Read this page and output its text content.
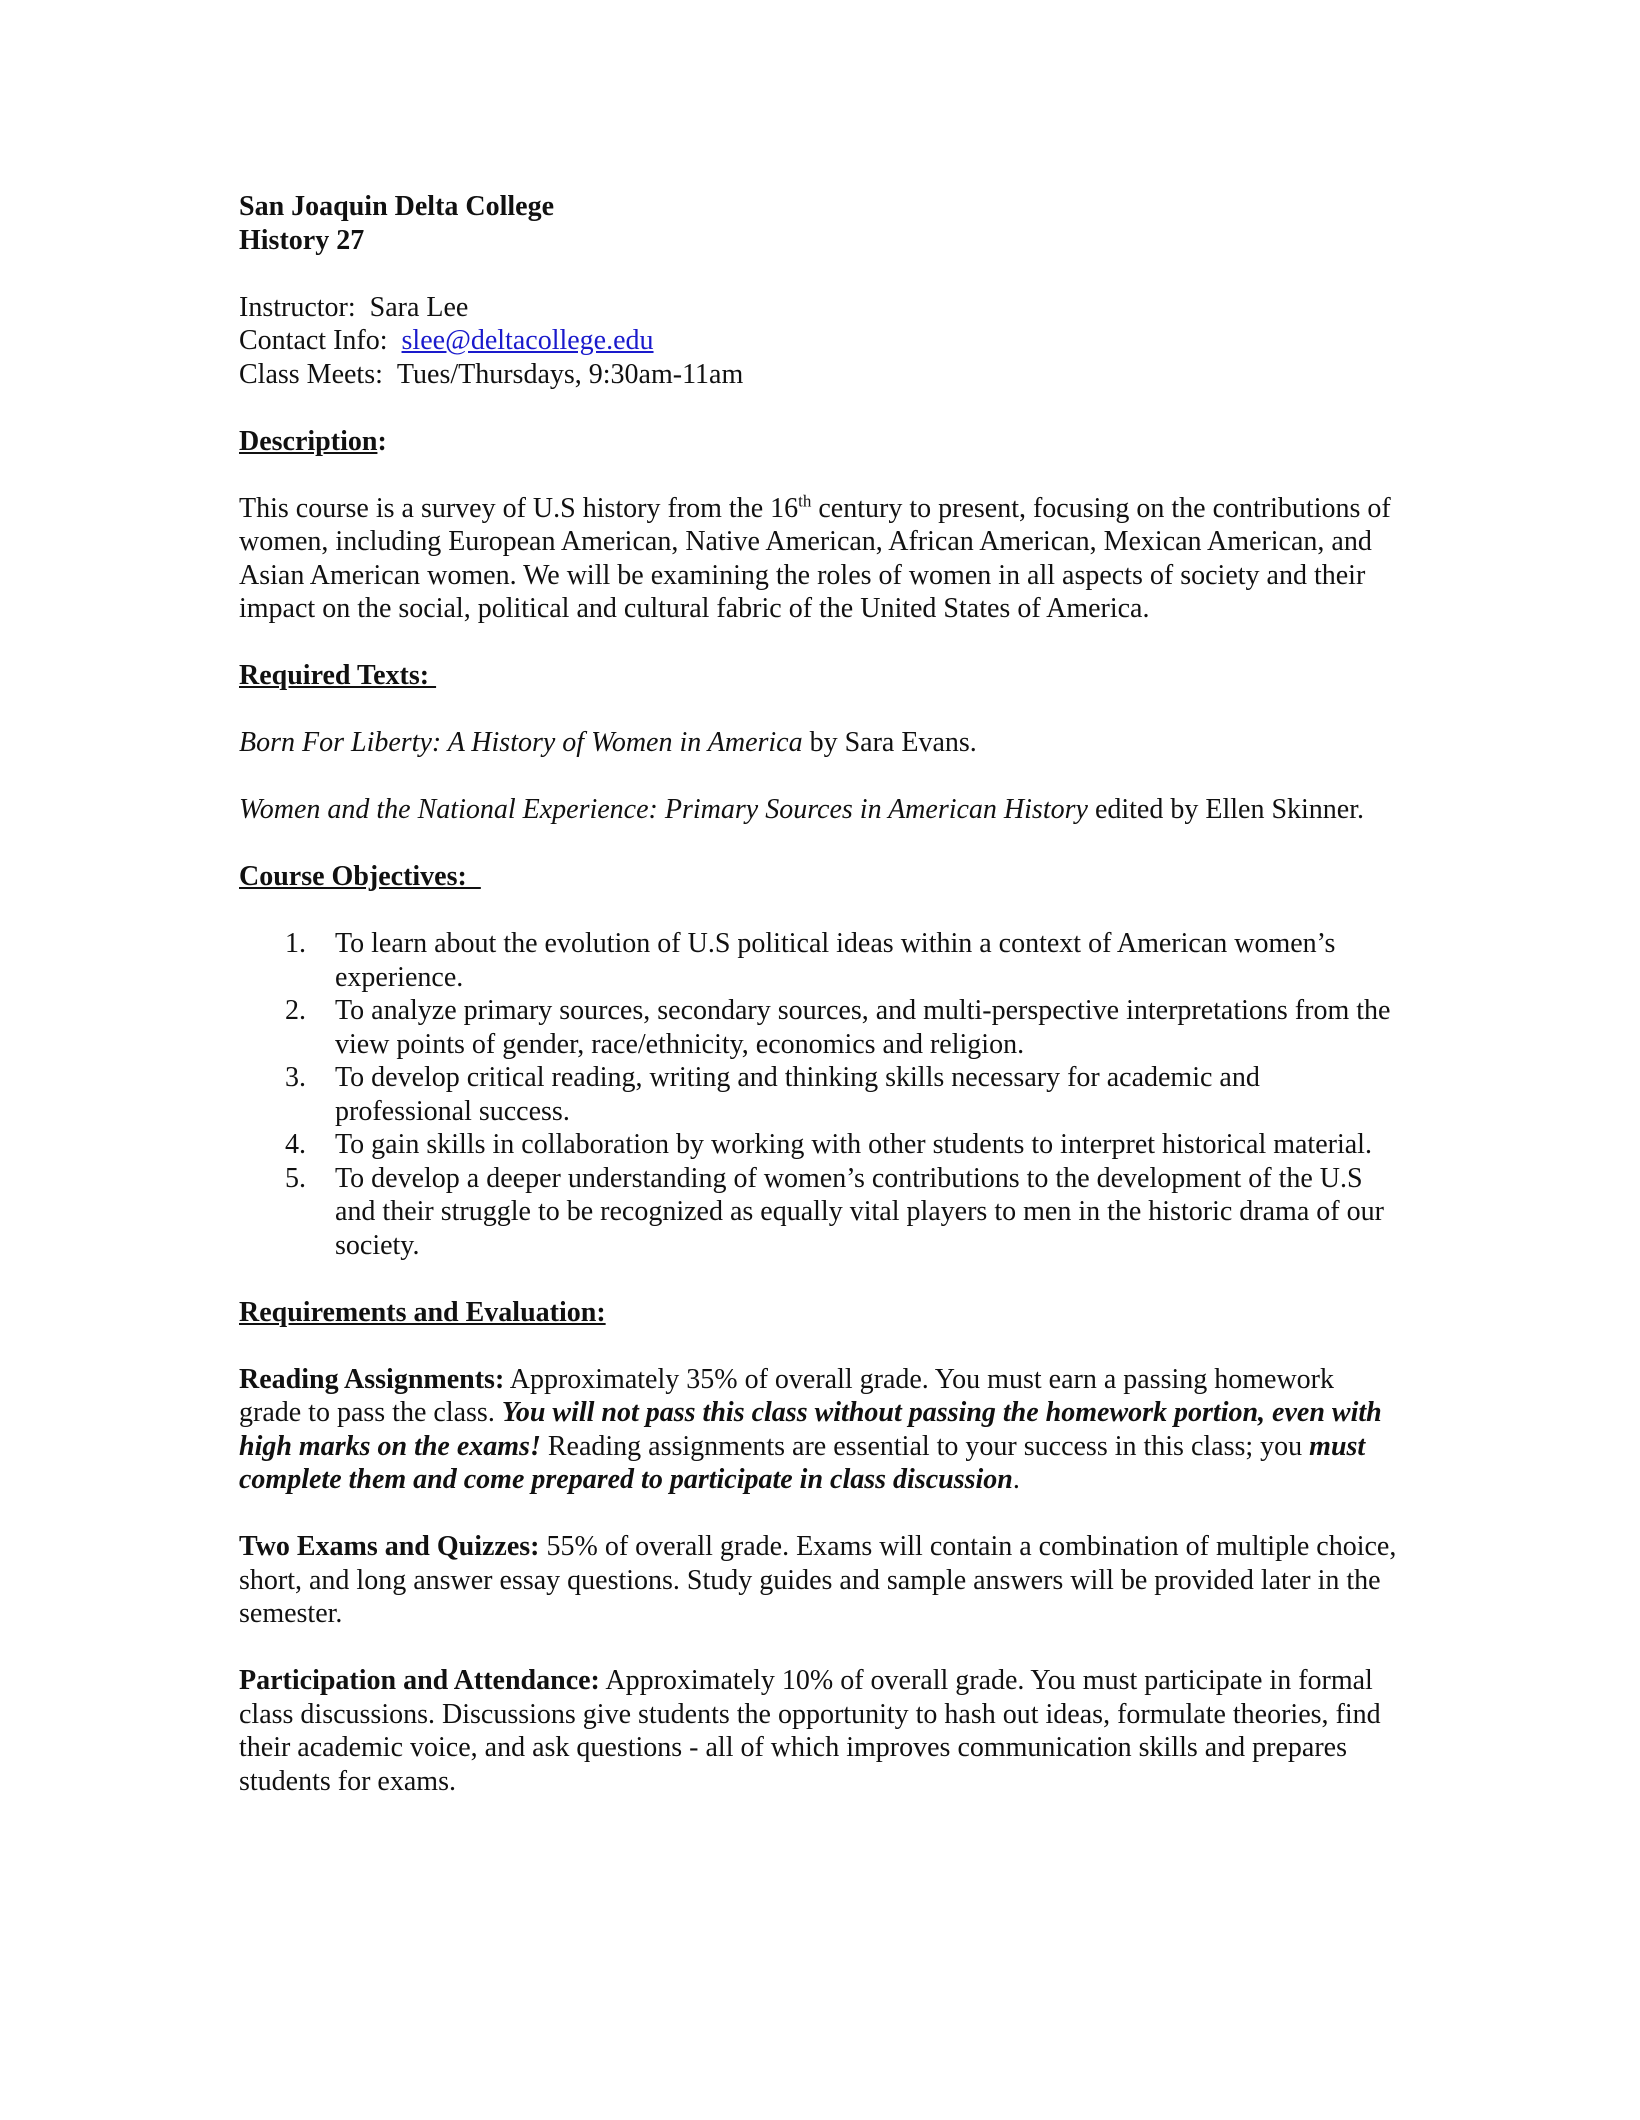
San Joaquin Delta College

History 27

Instructor: Sara Lee

Contact Info: slee@deltacollege.edu

Class Meets: Tues/Thursdays, 9:30am-11am

Description:

This course is a survey of U.S history from the 16th century to present, focusing on the contributions of women, including European American, Native American, African American, Mexican American, and Asian American women. We will be examining the roles of women in all aspects of society and their impact on the social, political and cultural fabric of the United States of America.

Required Texts:

Born For Liberty: A History of Women in America by Sara Evans.

Women and the National Experience: Primary Sources in American History edited by Ellen Skinner.

Course Objectives:

1. To learn about the evolution of U.S political ideas within a context of American women’s experience.
2. To analyze primary sources, secondary sources, and multi-perspective interpretations from the view points of gender, race/ethnicity, economics and religion.
3. To develop critical reading, writing and thinking skills necessary for academic and professional success.
4. To gain skills in collaboration by working with other students to interpret historical material.
5. To develop a deeper understanding of women’s contributions to the development of the U.S and their struggle to be recognized as equally vital players to men in the historic drama of our society.

Requirements and Evaluation:

Reading Assignments: Approximately 35% of overall grade. You must earn a passing homework grade to pass the class. You will not pass this class without passing the homework portion, even with high marks on the exams! Reading assignments are essential to your success in this class; you must complete them and come prepared to participate in class discussion.

Two Exams and Quizzes: 55% of overall grade. Exams will contain a combination of multiple choice, short, and long answer essay questions. Study guides and sample answers will be provided later in the semester.

Participation and Attendance: Approximately 10% of overall grade. You must participate in formal class discussions. Discussions give students the opportunity to hash out ideas, formulate theories, find their academic voice, and ask questions - all of which improves communication skills and prepares students for exams.
